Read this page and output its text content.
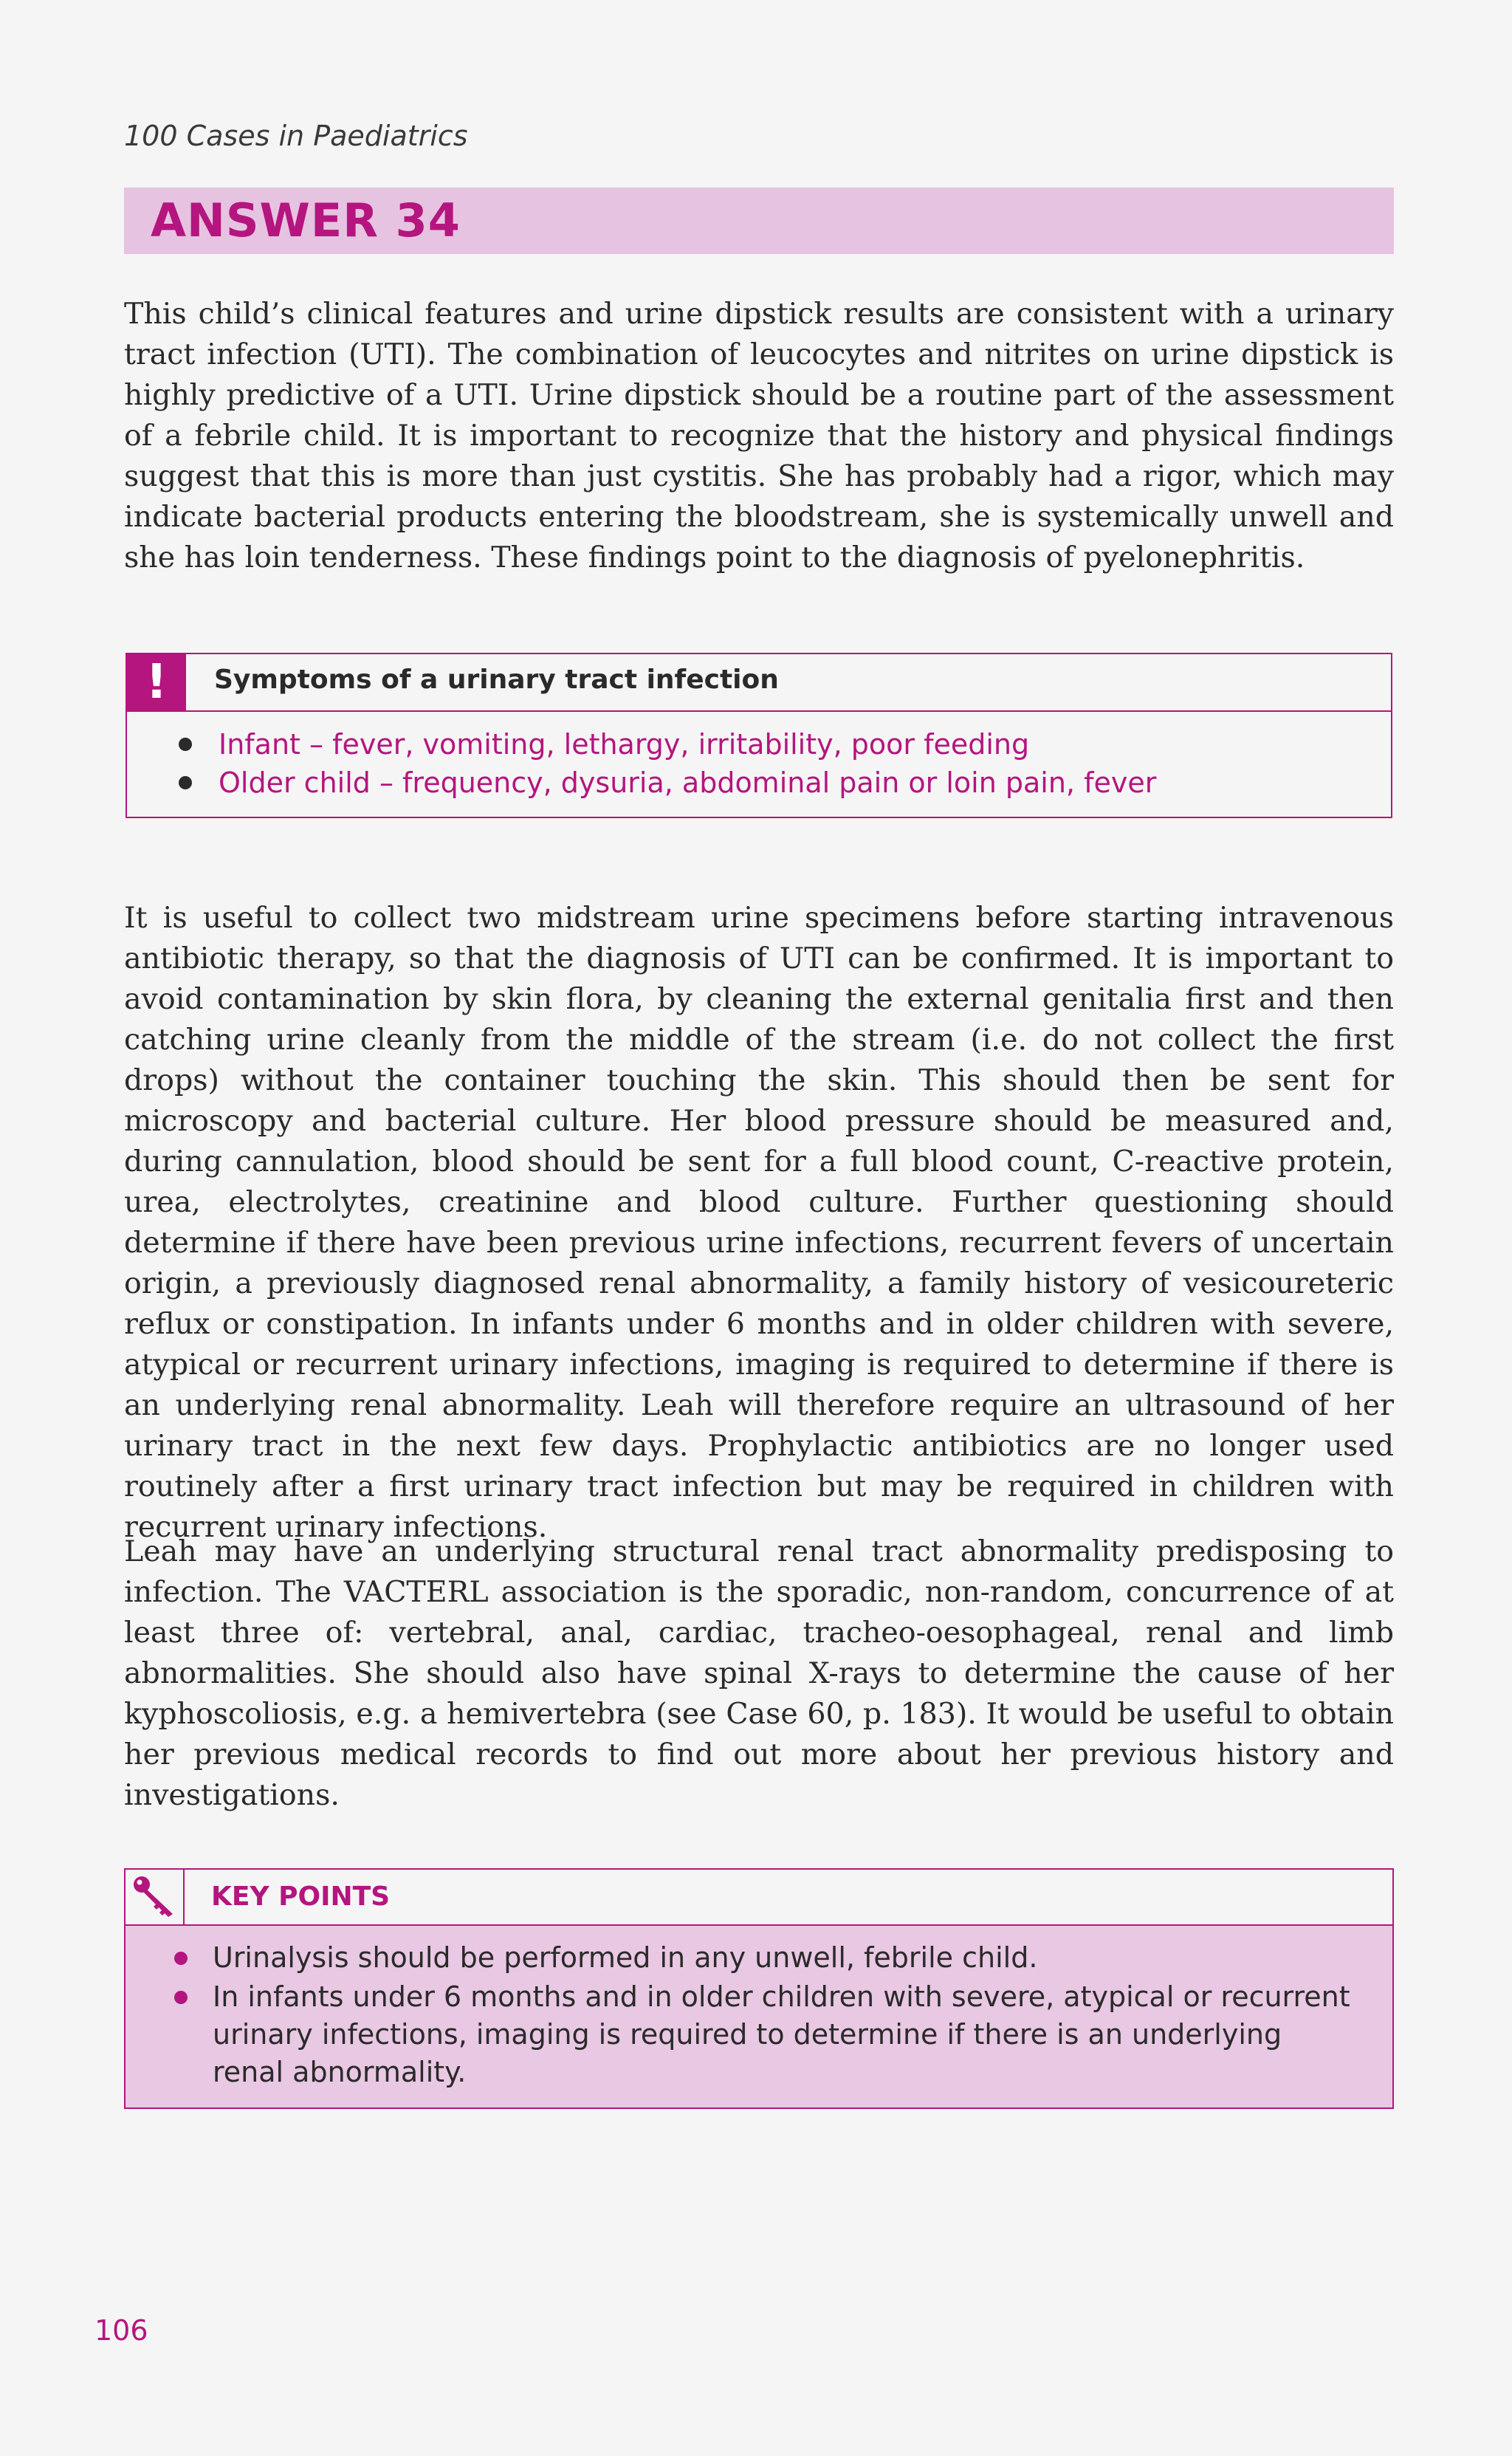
100 Cases in Paediatrics
ANSWER 34

This child’s clinical features and urine dipstick results are consistent with a urinary tract infection (UTI). The combination of leucocytes and nitrites on urine dipstick is highly predictive of a UTI. Urine dipstick should be a routine part of the assessment of a febrile child. It is important to recognize that the history and physical findings suggest that this is more than just cystitis. She has probably had a rigor, which may indicate bacterial products entering the bloodstream, she is systemically unwell and she has loin tenderness. These findings point to the diagnosis of pyelonephritis.

!	Symptoms of a urinary tract infection
Infant – fever, vomiting, lethargy, irritability, poor feeding
Older child – frequency, dysuria, abdominal pain or loin pain, fever

It is useful to collect two midstream urine specimens before starting intravenous antibiotic therapy, so that the diagnosis of UTI can be confirmed. It is important to avoid contamination by skin flora, by cleaning the external genitalia first and then catching urine cleanly from the middle of the stream (i.e. do not collect the first drops) without the container touching the skin. This should then be sent for microscopy and bacterial culture. Her blood pressure should be measured and, during cannulation, blood should be sent for a full blood count, C-reactive protein, urea, electrolytes, creatinine and blood culture. Further questioning should determine if there have been previous urine infections, recurrent fevers of uncertain origin, a previously diagnosed renal abnormality, a family history of vesicoureteric reflux or constipation. In infants under 6 months and in older children with severe, atypical or recurrent urinary infections, imaging is required to determine if there is an underlying renal abnormality. Leah will therefore require an ultrasound of her urinary tract in the next few days. Prophylactic antibiotics are no longer used routinely after a first urinary tract infection but may be required in children with recurrent urinary infections.

Leah may have an underlying structural renal tract abnormality predisposing to infection. The VACTERL association is the sporadic, non-random, concurrence of at least three of: vertebral, anal, cardiac, tracheo-oesophageal, renal and limb abnormalities. She should also have spinal X-rays to determine the cause of her kyphoscoliosis, e.g. a hemivertebra (see Case 60, p. 183). It would be useful to obtain her previous medical records to find out more about her previous history and investigations.

KEY POINTS
Urinalysis should be performed in any unwell, febrile child.
In infants under 6 months and in older children with severe, atypical or recurrent urinary infections, imaging is required to determine if there is an underlying renal abnormality.
106
